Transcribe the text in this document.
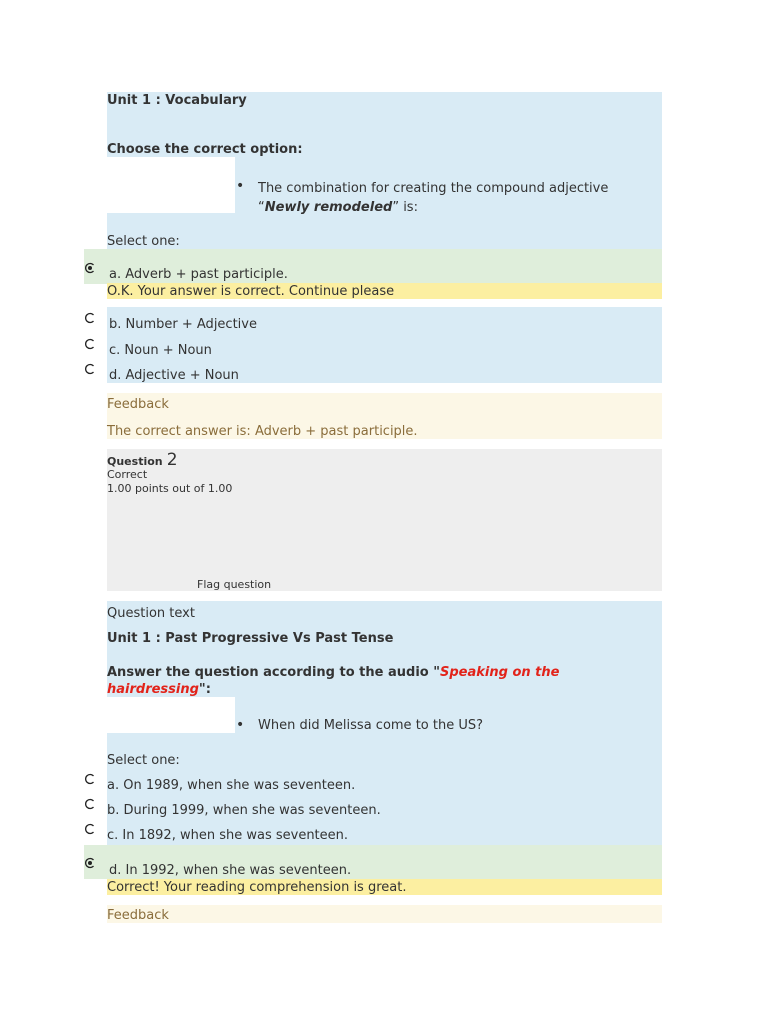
Unit 1 : Vocabulary
Choose the correct option:
• The combination for creating the compound adjective
“Newly remodeled” is:
Select one:
a. Adverb + past participle.
O.K. Your answer is correct. Continue please
b. Number + Adjective
c. Noun + Noun
d. Adjective + Noun
Feedback
The correct answer is: Adverb + past participle.
Question 2
Correct
1.00 points out of 1.00
Flag question
Question text
Unit 1 : Past Progressive Vs Past Tense
Answer the question according to the audio "Speaking on the
hairdressing":
• When did Melissa come to the US?
Select one:
a. On 1989, when she was seventeen.
b. During 1999, when she was seventeen.
c. In 1892, when she was seventeen.
d. In 1992, when she was seventeen.
Correct! Your reading comprehension is great.
Feedback
